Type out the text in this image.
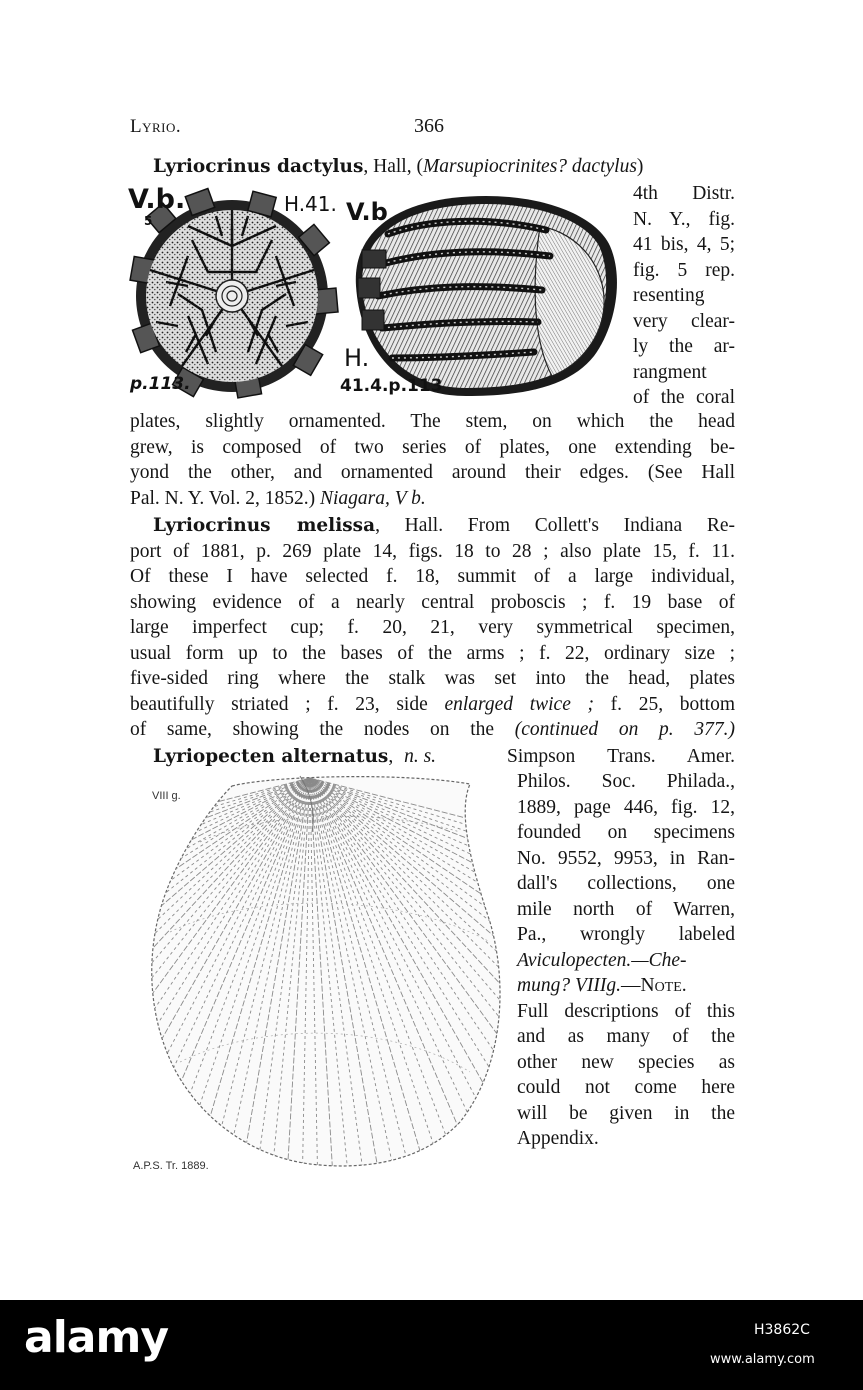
Lyrio.	366
Lyriocrinus dactylus, Hall, (Marsupiocrinites? dactylus)
V.b.
5
H.41. V.b
p.113.
H.
41.4.p.113
4th Distr.
N. Y., fig.
41 bis, 4, 5;
fig. 5 rep.
resenting
very clear-
ly the ar-
rangment
of the coral
plates, slightly ornamented. The stem, on which the head
grew, is composed of two series of plates, one extending be-
yond the other, and ornamented around their edges. (See Hall
Pal. N. Y. Vol. 2, 1852.) Niagara, V b.
Lyriocrinus melissa, Hall. From Collett's Indiana Re-
port of 1881, p. 269 plate 14, figs. 18 to 28 ; also plate 15, f. 11.
Of these I have selected f. 18, summit of a large individual,
showing evidence of a nearly central proboscis ; f. 19 base of
large imperfect cup; f. 20, 21, very symmetrical specimen,
usual form up to the bases of the arms ; f. 22, ordinary size ;
five-sided ring where the stalk was set into the head, plates
beautifully striated ; f. 23, side enlarged twice ; f. 25, bottom
of same, showing the nodes on the (continued on p. 377.)
Lyriopecten alternatus, n. s.	Simpson Trans. Amer.
Philos. Soc. Philada.,
1889, page 446, fig. 12,
founded on specimens
No. 9552, 9953, in Ran-
dall's collections, one
mile north of Warren,
Pa., wrongly labeled
Aviculopecten.—Che-
mung? VIIIg.—Note.
Full descriptions of this
and as many of the
other new species as
could not come here
will be given in the
Appendix.
VIII g.
A.P.S. Tr. 1889.
alamy	H3862C
www.alamy.com
